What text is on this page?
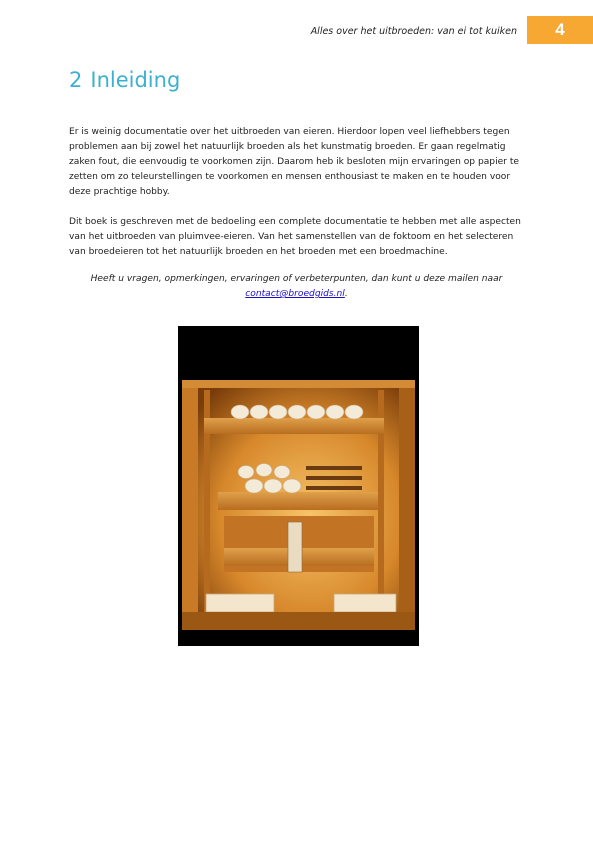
Alles over het uitbroeden: van ei tot kuiken	4
2 Inleiding

Er is weinig documentatie over het uitbroeden van eieren. Hierdoor lopen veel liefhebbers tegen problemen aan bij zowel het natuurlijk broeden als het kunstmatig broeden. Er gaan regelmatig zaken fout, die eenvoudig te voorkomen zijn. Daarom heb ik besloten mijn ervaringen op papier te zetten om zo teleurstellingen te voorkomen en mensen enthousiast te maken en te houden voor deze prachtige hobby.

Dit boek is geschreven met de bedoeling een complete documentatie te hebben met alle aspecten van het uitbroeden van pluimvee-eieren. Van het samenstellen van de foktoom en het selecteren van broedeieren tot het natuurlijk broeden en het broeden met een broedmachine.

Heeft u vragen, opmerkingen, ervaringen of verbeterpunten, dan kunt u deze mailen naar
contact@broedgids.nl.
